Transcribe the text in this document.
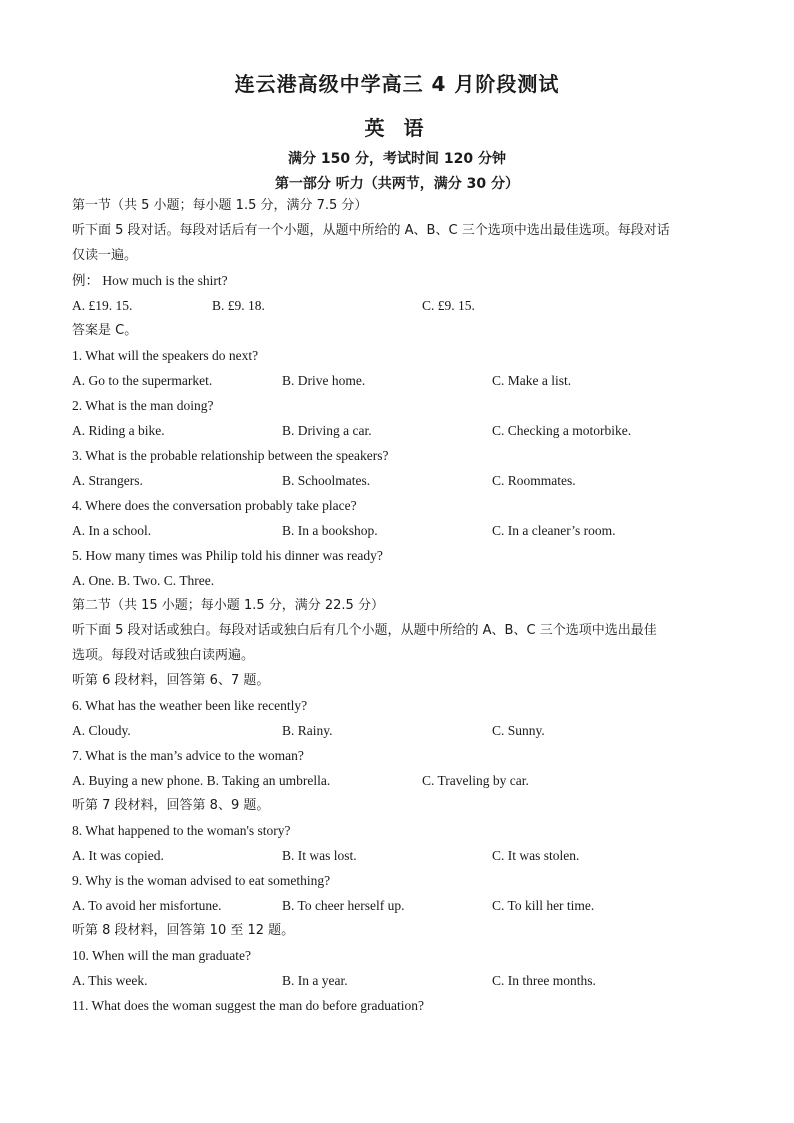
连云港高级中学高三 4 月阶段测试
英 语
满分 150 分，考试时间 120 分钟
第一部分 听力（共两节，满分 30 分）
第一节（共 5 小题；每小题 1.5 分，满分 7.5 分）
听下面 5 段对话。每段对话后有一个小题，从题中所给的 A、B、C 三个选项中选出最佳选项。每段对话
仅读一遍。
例： How much is the shirt?
A. £19. 15.	B. £9. 18.	C. £9. 15.
答案是 C。
1. What will the speakers do next?
A. Go to the supermarket.	B. Drive home.	C. Make a list.
2. What is the man doing?
A. Riding a bike.	B. Driving a car.	C. Checking a motorbike.
3. What is the probable relationship between the speakers?
A. Strangers.	B. Schoolmates.	C. Roommates.
4. Where does the conversation probably take place?
A. In a school.	B. In a bookshop.	C. In a cleaner’s room.
5. How many times was Philip told his dinner was ready?
A. One. B. Two. C. Three.
第二节（共 15 小题；每小题 1.5 分，满分 22.5 分）
听下面 5 段对话或独白。每段对话或独白后有几个小题，从题中所给的 A、B、C 三个选项中选出最佳
选项。每段对话或独白读两遍。
听第 6 段材料，回答第 6、7 题。
6. What has the weather been like recently?
A. Cloudy.	B. Rainy.	C. Sunny.
7. What is the man’s advice to the woman?
A. Buying a new phone. B. Taking an umbrella.	C. Traveling by car.
听第 7 段材料，回答第 8、9 题。
8. What happened to the woman's story?
A. It was copied.	B. It was lost.	C. It was stolen.
9. Why is the woman advised to eat something?
A. To avoid her misfortune.	B. To cheer herself up.	C. To kill her time.
听第 8 段材料，回答第 10 至 12 题。
10. When will the man graduate?
A. This week.	B. In a year.	C. In three months.
11. What does the woman suggest the man do before graduation?
